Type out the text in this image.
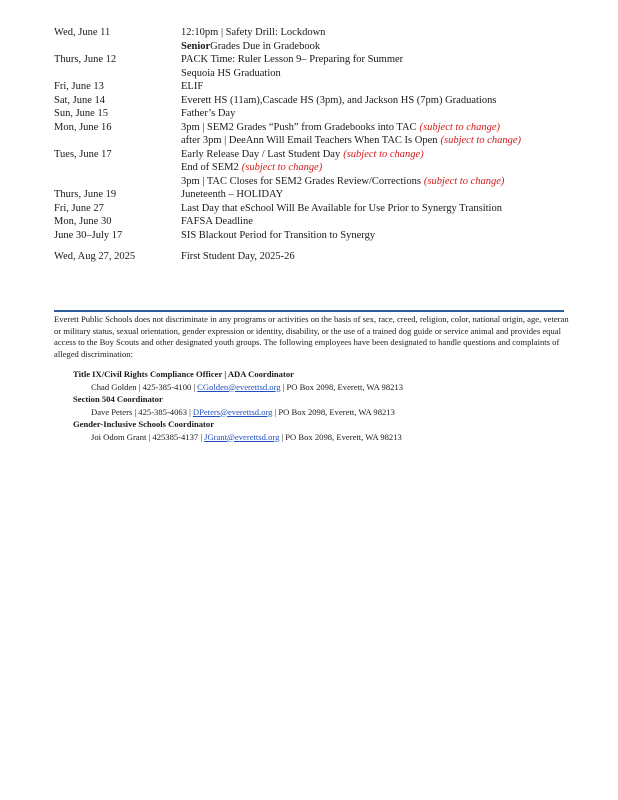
Wed, June 11	12:10pm | Safety Drill: Lockdown
SeniorGrades Due in Gradebook
Thurs, June 12	PACK Time: Ruler Lesson 9– Preparing for Summer
Sequoia HS Graduation
Fri, June 13	ELIF
Sat, June 14	Everett HS (11am),Cascade HS (3pm), and Jackson HS (7pm) Graduations
Sun, June 15	Father’s Day
Mon, June 16	3pm | SEM2 Grades “Push” from Gradebooks into TAC (subject to change)
after 3pm | DeeAnn Will Email Teachers When TAC Is Open (subject to change)
Tues, June 17	Early Release Day / Last Student Day (subject to change)
End of SEM2 (subject to change)
3pm | TAC Closes for SEM2 Grades Review/Corrections (subject to change)
Thurs, June 19	Juneteenth – HOLIDAY
Fri, June 27	Last Day that eSchool Will Be Available for Use Prior to Synergy Transition
Mon, June 30	FAFSA Deadline
June 30–July 17	SIS Blackout Period for Transition to Synergy
Wed, Aug 27, 2025	First Student Day, 2025-26
Everett Public Schools does not discriminate in any programs or activities on the basis of sex, race, creed, religion, color, national origin, age, veteran or military status, sexual orientation, gender expression or identity, disability, or the use of a trained dog guide or service animal and provides equal access to the Boy Scouts and other designated youth groups. The following employees have been designated to handle questions and complaints of alleged discrimination:
Title IX/Civil Rights Compliance Officer | ADA Coordinator
Chad Golden | 425-385-4100 | CGolden@everettsd.org | PO Box 2098, Everett, WA 98213
Section 504 Coordinator
Dave Peters | 425-385-4063 | DPeters@everettsd.org | PO Box 2098, Everett, WA 98213
Gender-Inclusive Schools Coordinator
Joi Odom Grant | 425385-4137 | JGrant@everettsd.org | PO Box 2098, Everett, WA 98213
